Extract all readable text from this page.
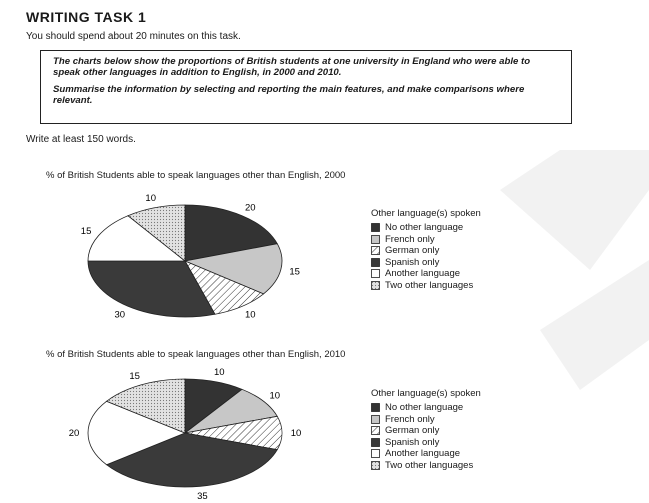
WRITING TASK 1
You should spend about 20 minutes on this task.

The charts below show the proportions of British students at one university in England who were able to speak other languages in addition to English, in 2000 and 2010.

Summarise the information by selecting and reporting the main features, and make comparisons where relevant.

Write at least 150 words.
% of British Students able to speak languages other than English, 2000
20
15
10
30
15
10
Other language(s) spoken
No other language
French only
German only
Spanish only
Another language
Two other languages
% of British Students able to speak languages other than English, 2010
10
10
10
35
20
15
Other language(s) spoken
No other language
French only
German only
Spanish only
Another language
Two other languages
